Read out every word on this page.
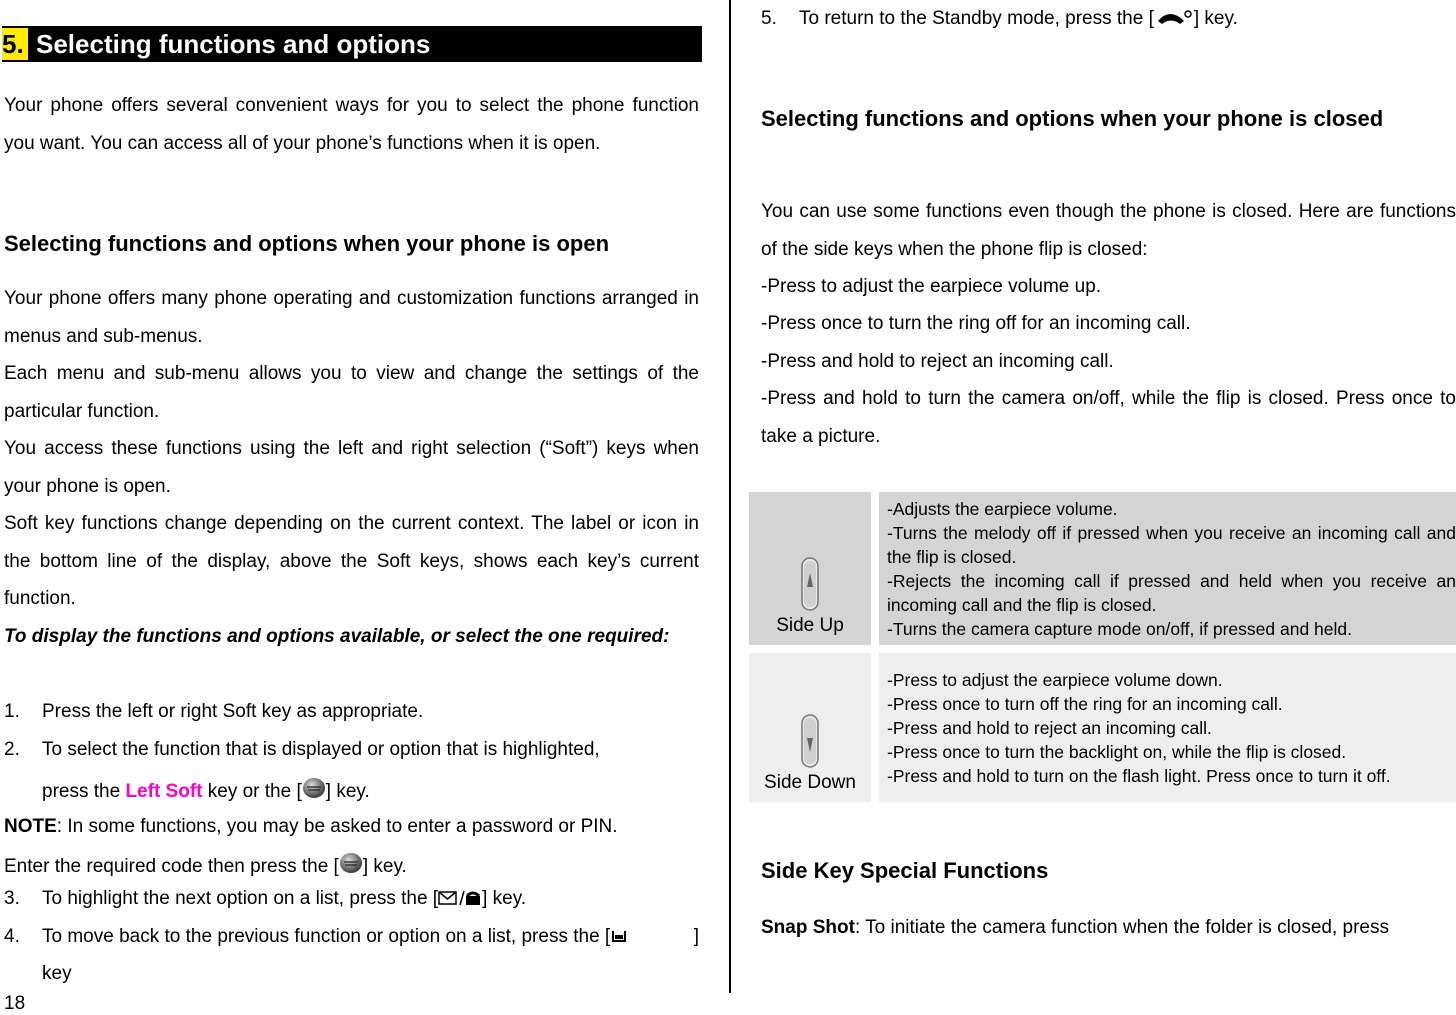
5. Selecting functions and options

Your phone offers several convenient ways for you to select the phone function you want. You can access all of your phone’s functions when it is open.

Selecting functions and options when your phone is open

Your phone offers many phone operating and customization functions arranged in menus and sub-menus.

Each menu and sub-menu allows you to view and change the settings of the particular function.

You access these functions using the left and right selection (“Soft”) keys when your phone is open.

Soft key functions change depending on the current context. The label or icon in the bottom line of the display, above the Soft keys, shows each key’s current function.

To display the functions and options available, or select the one required:

1. Press the left or right Soft key as appropriate.
2. To select the function that is displayed or option that is highlighted,
press the Left Soft key or the [ ] key.
NOTE: In some functions, you may be asked to enter a password or PIN.
Enter the required code then press the [ ] key.
3. To highlight the next option on a list, press the [ ] key.
4. To move back to the previous function or option on a list, press the [	]
key
18
5. To return to the Standby mode, press the [ ] key.

Selecting functions and options when your phone is closed

You can use some functions even though the phone is closed. Here are functions of the side keys when the phone flip is closed:

-Press to adjust the earpiece volume up.

-Press once to turn the ring off for an incoming call.

-Press and hold to reject an incoming call.

-Press and hold to turn the camera on/off, while the flip is closed. Press once to take a picture.

Side Up		-Adjusts the earpiece volume.
-Turns the melody off if pressed when you receive an incoming call and the flip is closed.
-Rejects the incoming call if pressed and held when you receive an incoming call and the flip is closed.
-Turns the camera capture mode on/off, if pressed and held.

Side Down		-Press to adjust the earpiece volume down.
-Press once to turn off the ring for an incoming call.
-Press and hold to reject an incoming call.
-Press once to turn the backlight on, while the flip is closed.
-Press and hold to turn on the flash light. Press once to turn it off.

Side Key Special Functions

Snap Shot: To initiate the camera function when the folder is closed, press
